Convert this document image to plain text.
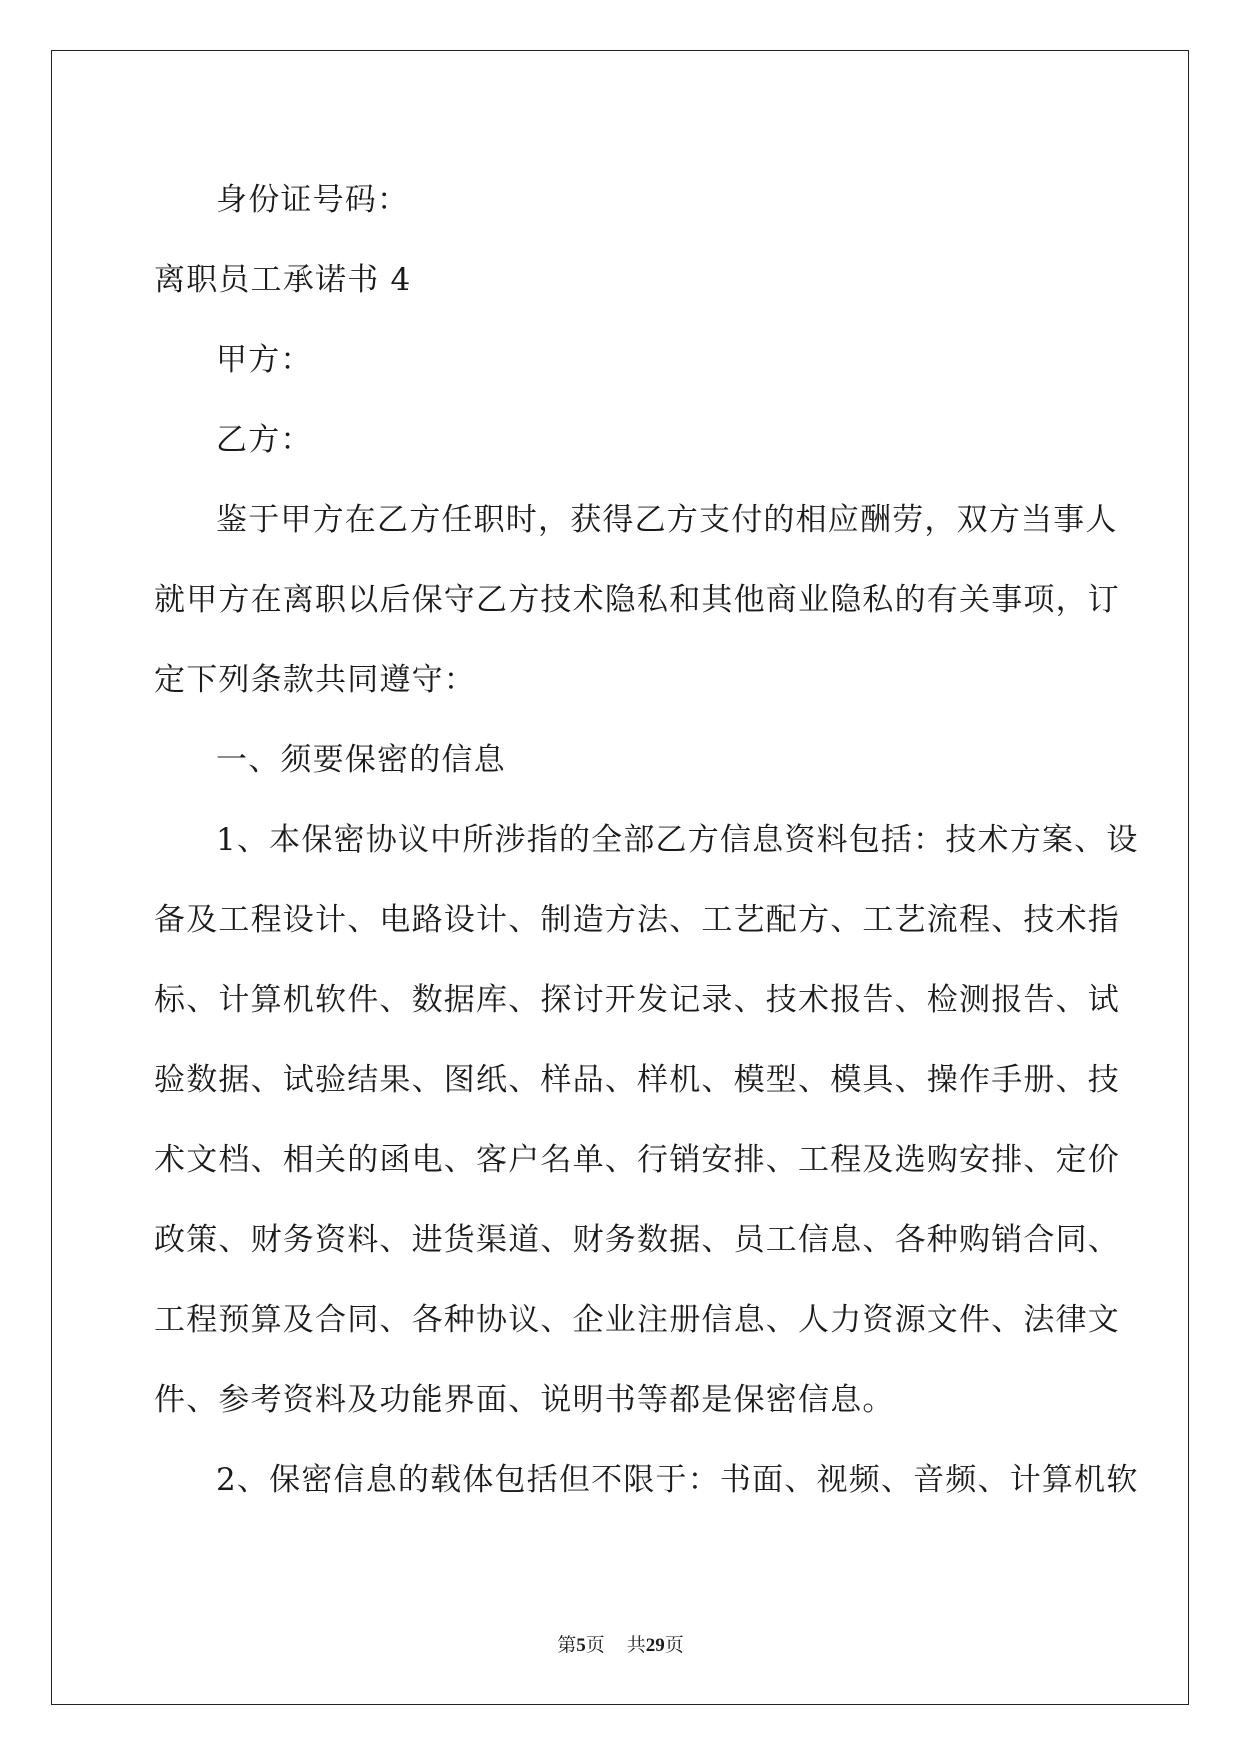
身份证号码：
离职员工承诺书 4
甲方：
乙方：
鉴于甲方在乙方任职时，获得乙方支付的相应酬劳，双方当事人
就甲方在离职以后保守乙方技术隐私和其他商业隐私的有关事项，订
定下列条款共同遵守：
一、须要保密的信息
1、本保密协议中所涉指的全部乙方信息资料包括：技术方案、设
备及工程设计、电路设计、制造方法、工艺配方、工艺流程、技术指
标、计算机软件、数据库、探讨开发记录、技术报告、检测报告、试
验数据、试验结果、图纸、样品、样机、模型、模具、操作手册、技
术文档、相关的函电、客户名单、行销安排、工程及选购安排、定价
政策、财务资料、进货渠道、财务数据、员工信息、各种购销合同、
工程预算及合同、各种协议、企业注册信息、人力资源文件、法律文
件、参考资料及功能界面、说明书等都是保密信息。
2、保密信息的载体包括但不限于：书面、视频、音频、计算机软
第5页 共29页
